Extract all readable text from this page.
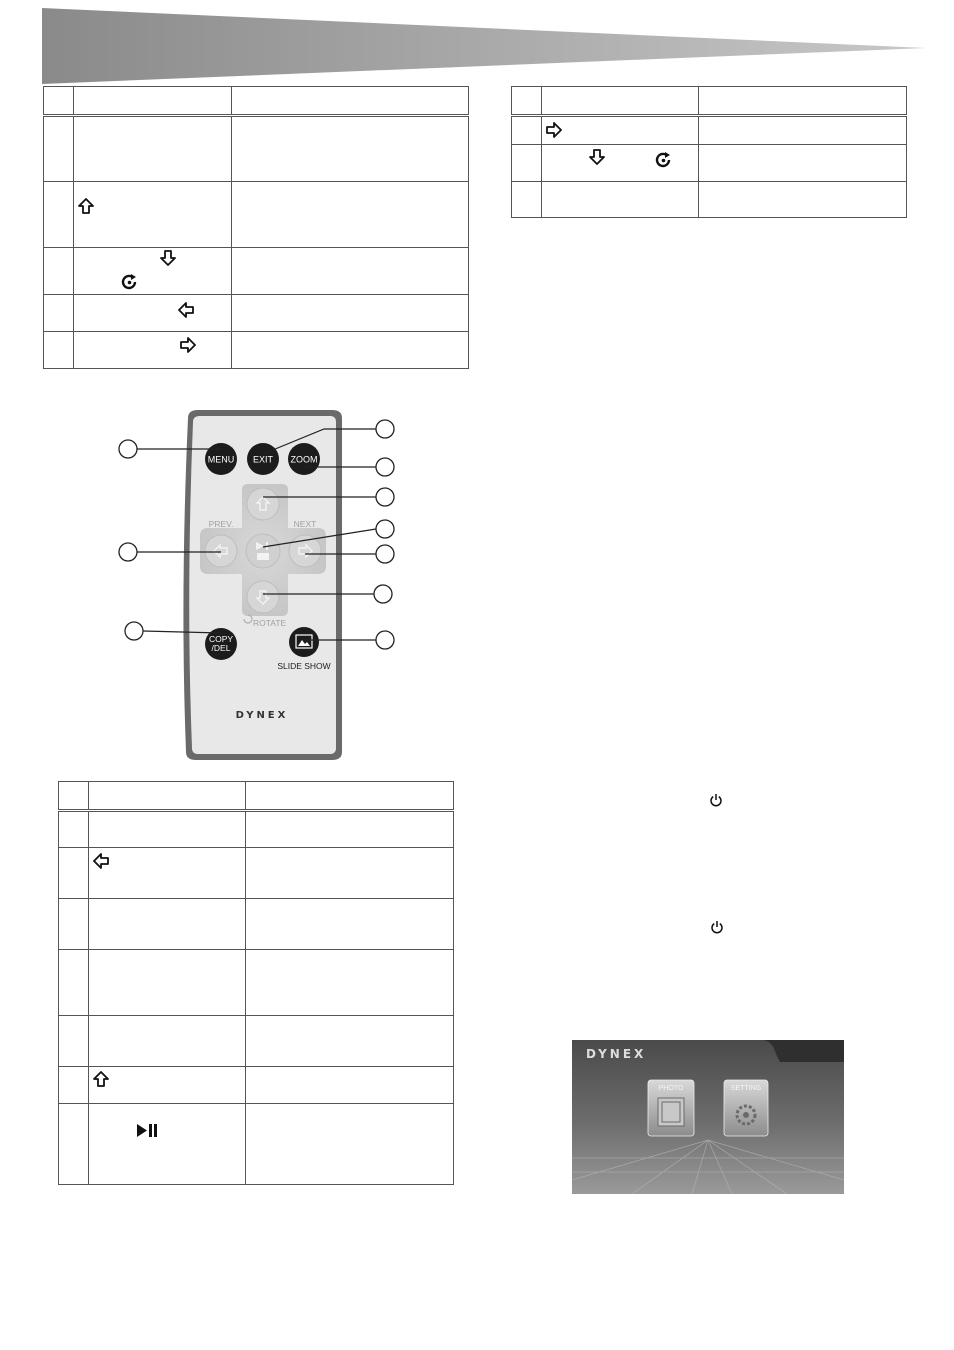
MENU EXIT ZOOM
PREV.	NEXT
ROTATE
COPY
/DEL
SLIDE SHOW
DYNEX

DYNEX
PHOTO	SETTING
